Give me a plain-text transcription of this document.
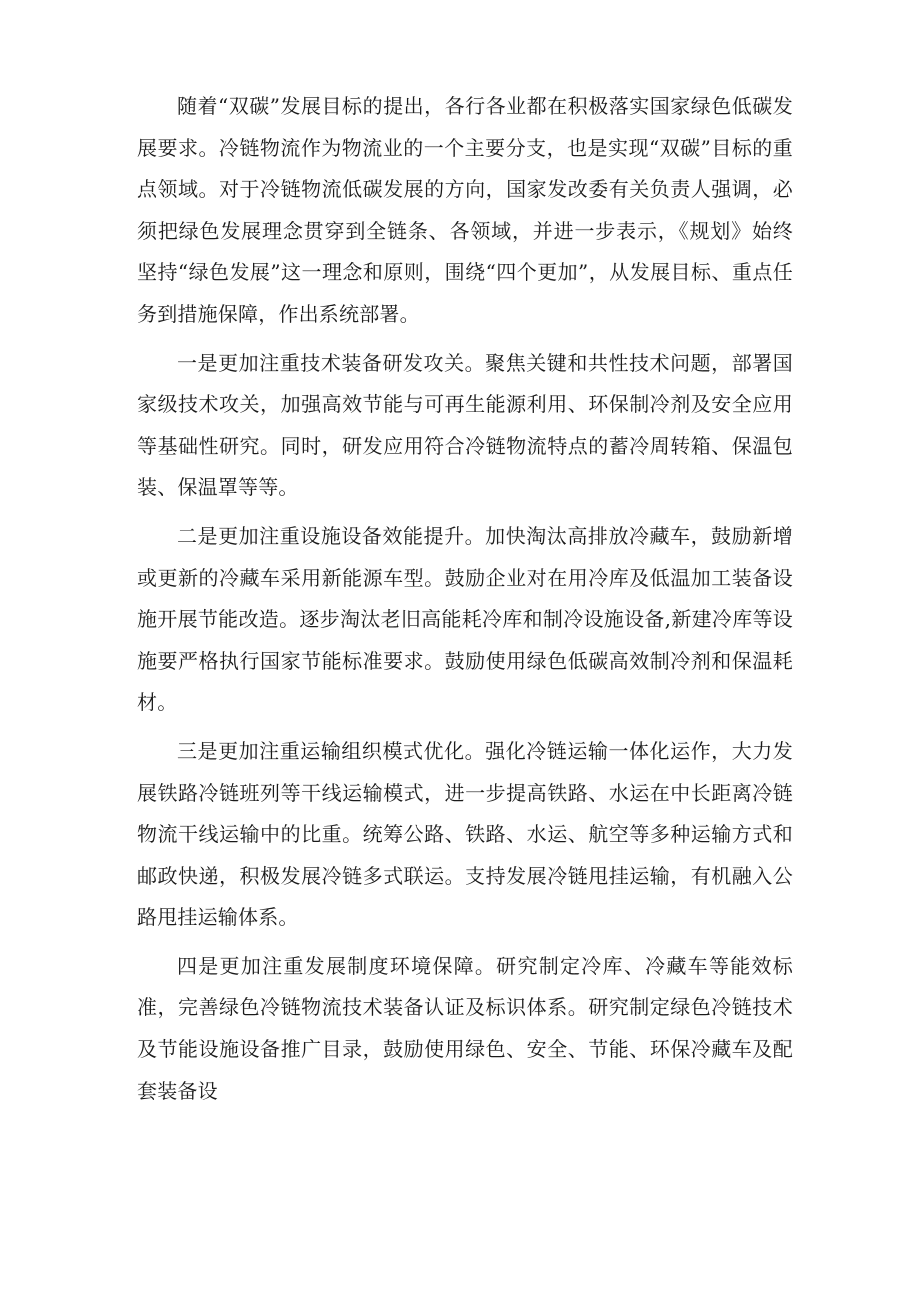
随着“双碳”发展目标的提出，各行各业都在积极落实国家绿色低碳发展要求。冷链物流作为物流业的一个主要分支，也是实现“双碳”目标的重点领域。对于冷链物流低碳发展的方向，国家发改委有关负责人强调，必须把绿色发展理念贯穿到全链条、各领域，并进一步表示，《规划》始终坚持“绿色发展”这一理念和原则，围绕“四个更加”，从发展目标、重点任务到措施保障，作出系统部署。

一是更加注重技术装备研发攻关。聚焦关键和共性技术问题，部署国家级技术攻关，加强高效节能与可再生能源利用、环保制冷剂及安全应用等基础性研究。同时，研发应用符合冷链物流特点的蓄冷周转箱、保温包装、保温罩等等。

二是更加注重设施设备效能提升。加快淘汰高排放冷藏车，鼓励新增或更新的冷藏车采用新能源车型。鼓励企业对在用冷库及低温加工装备设施开展节能改造。逐步淘汰老旧高能耗冷库和制冷设施设备,新建冷库等设施要严格执行国家节能标准要求。鼓励使用绿色低碳高效制冷剂和保温耗材。

三是更加注重运输组织模式优化。强化冷链运输一体化运作，大力发展铁路冷链班列等干线运输模式，进一步提高铁路、水运在中长距离冷链物流干线运输中的比重。统筹公路、铁路、水运、航空等多种运输方式和邮政快递，积极发展冷链多式联运。支持发展冷链甩挂运输，有机融入公路甩挂运输体系。

四是更加注重发展制度环境保障。研究制定冷库、冷藏车等能效标准，完善绿色冷链物流技术装备认证及标识体系。研究制定绿色冷链技术及节能设施设备推广目录，鼓励使用绿色、安全、节能、环保冷藏车及配套装备设
